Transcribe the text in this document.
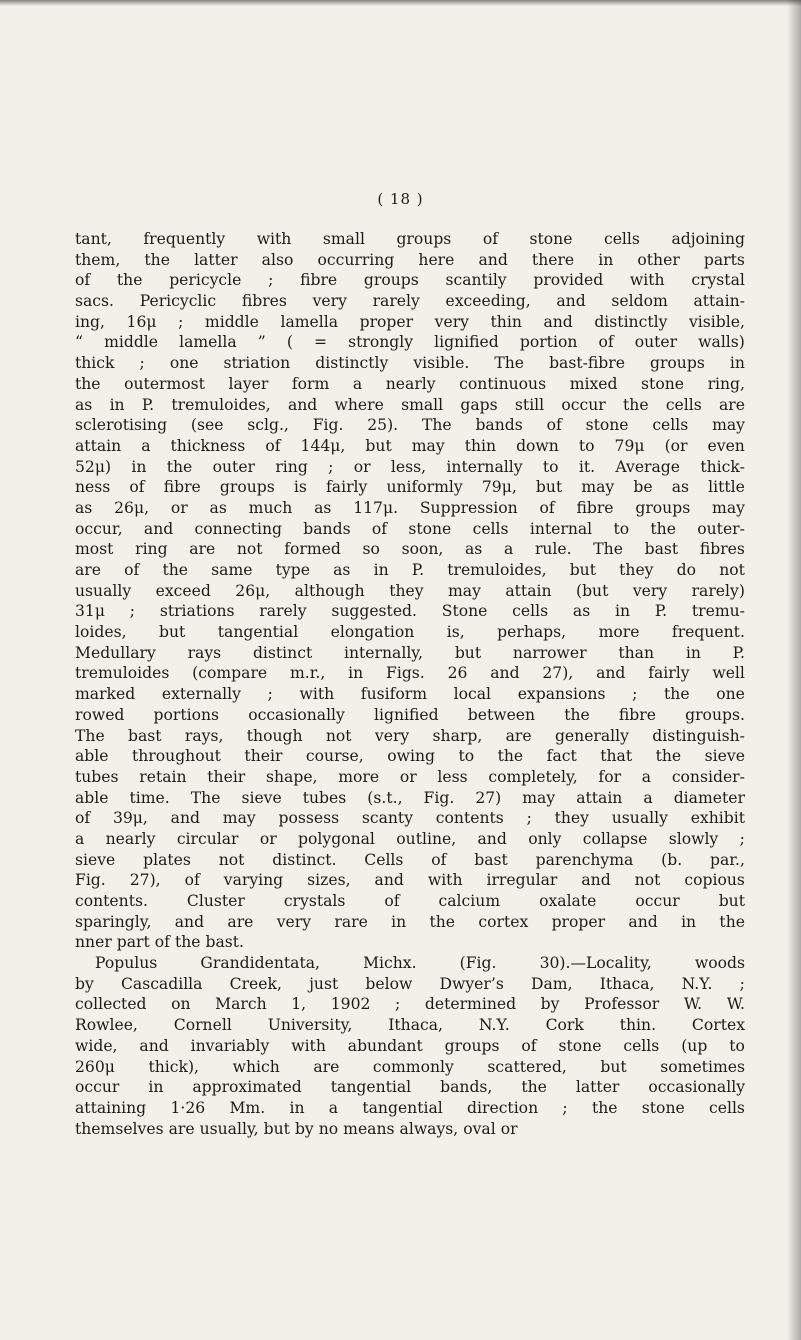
( 18 )
tant, frequently with small groups of stone cells adjoining
them, the latter also occurring here and there in other parts
of the pericycle ; fibre groups scantily provided with crystal
sacs. Pericyclic fibres very rarely exceeding, and seldom attain-
ing, 16μ ; middle lamella proper very thin and distinctly visible,
“ middle lamella ” ( = strongly lignified portion of outer walls)
thick ; one striation distinctly visible. The bast-fibre groups in
the outermost layer form a nearly continuous mixed stone ring,
as in P. tremuloides, and where small gaps still occur the cells are
sclerotising (see sclg., Fig. 25). The bands of stone cells may
attain a thickness of 144μ, but may thin down to 79μ (or even
52μ) in the outer ring ; or less, internally to it. Average thick-
ness of fibre groups is fairly uniformly 79μ, but may be as little
as 26μ, or as much as 117μ. Suppression of fibre groups may
occur, and connecting bands of stone cells internal to the outer-
most ring are not formed so soon, as a rule. The bast fibres
are of the same type as in P. tremuloides, but they do not
usually exceed 26μ, although they may attain (but very rarely)
31μ ; striations rarely suggested. Stone cells as in P. tremu-
loides, but tangential elongation is, perhaps, more frequent.
Medullary rays distinct internally, but narrower than in P.
tremuloides (compare m.r., in Figs. 26 and 27), and fairly well
marked externally ; with fusiform local expansions ; the one
rowed portions occasionally lignified between the fibre groups.
The bast rays, though not very sharp, are generally distinguish-
able throughout their course, owing to the fact that the sieve
tubes retain their shape, more or less completely, for a consider-
able time. The sieve tubes (s.t., Fig. 27) may attain a diameter
of 39μ, and may possess scanty contents ; they usually exhibit
a nearly circular or polygonal outline, and only collapse slowly ;
sieve plates not distinct. Cells of bast parenchyma (b. par.,
Fig. 27), of varying sizes, and with irregular and not copious
contents. Cluster crystals of calcium oxalate occur but
sparingly, and are very rare in the cortex proper and in the
nner part of the bast.
Populus	Grandidentata,	Michx.	(Fig.	30).—Locality,	woods
by Cascadilla Creek, just below Dwyer’s Dam, Ithaca, N.Y. ;
collected on March 1, 1902 ; determined by Professor W. W.
Rowlee, Cornell University, Ithaca, N.Y. Cork thin. Cortex
wide, and invariably with abundant groups of stone cells (up to
260μ thick), which are commonly scattered, but sometimes
occur in approximated tangential bands, the latter occasionally
attaining 1·26 Mm. in a tangential direction ; the stone cells
themselves are usually, but by no means always, oval or
